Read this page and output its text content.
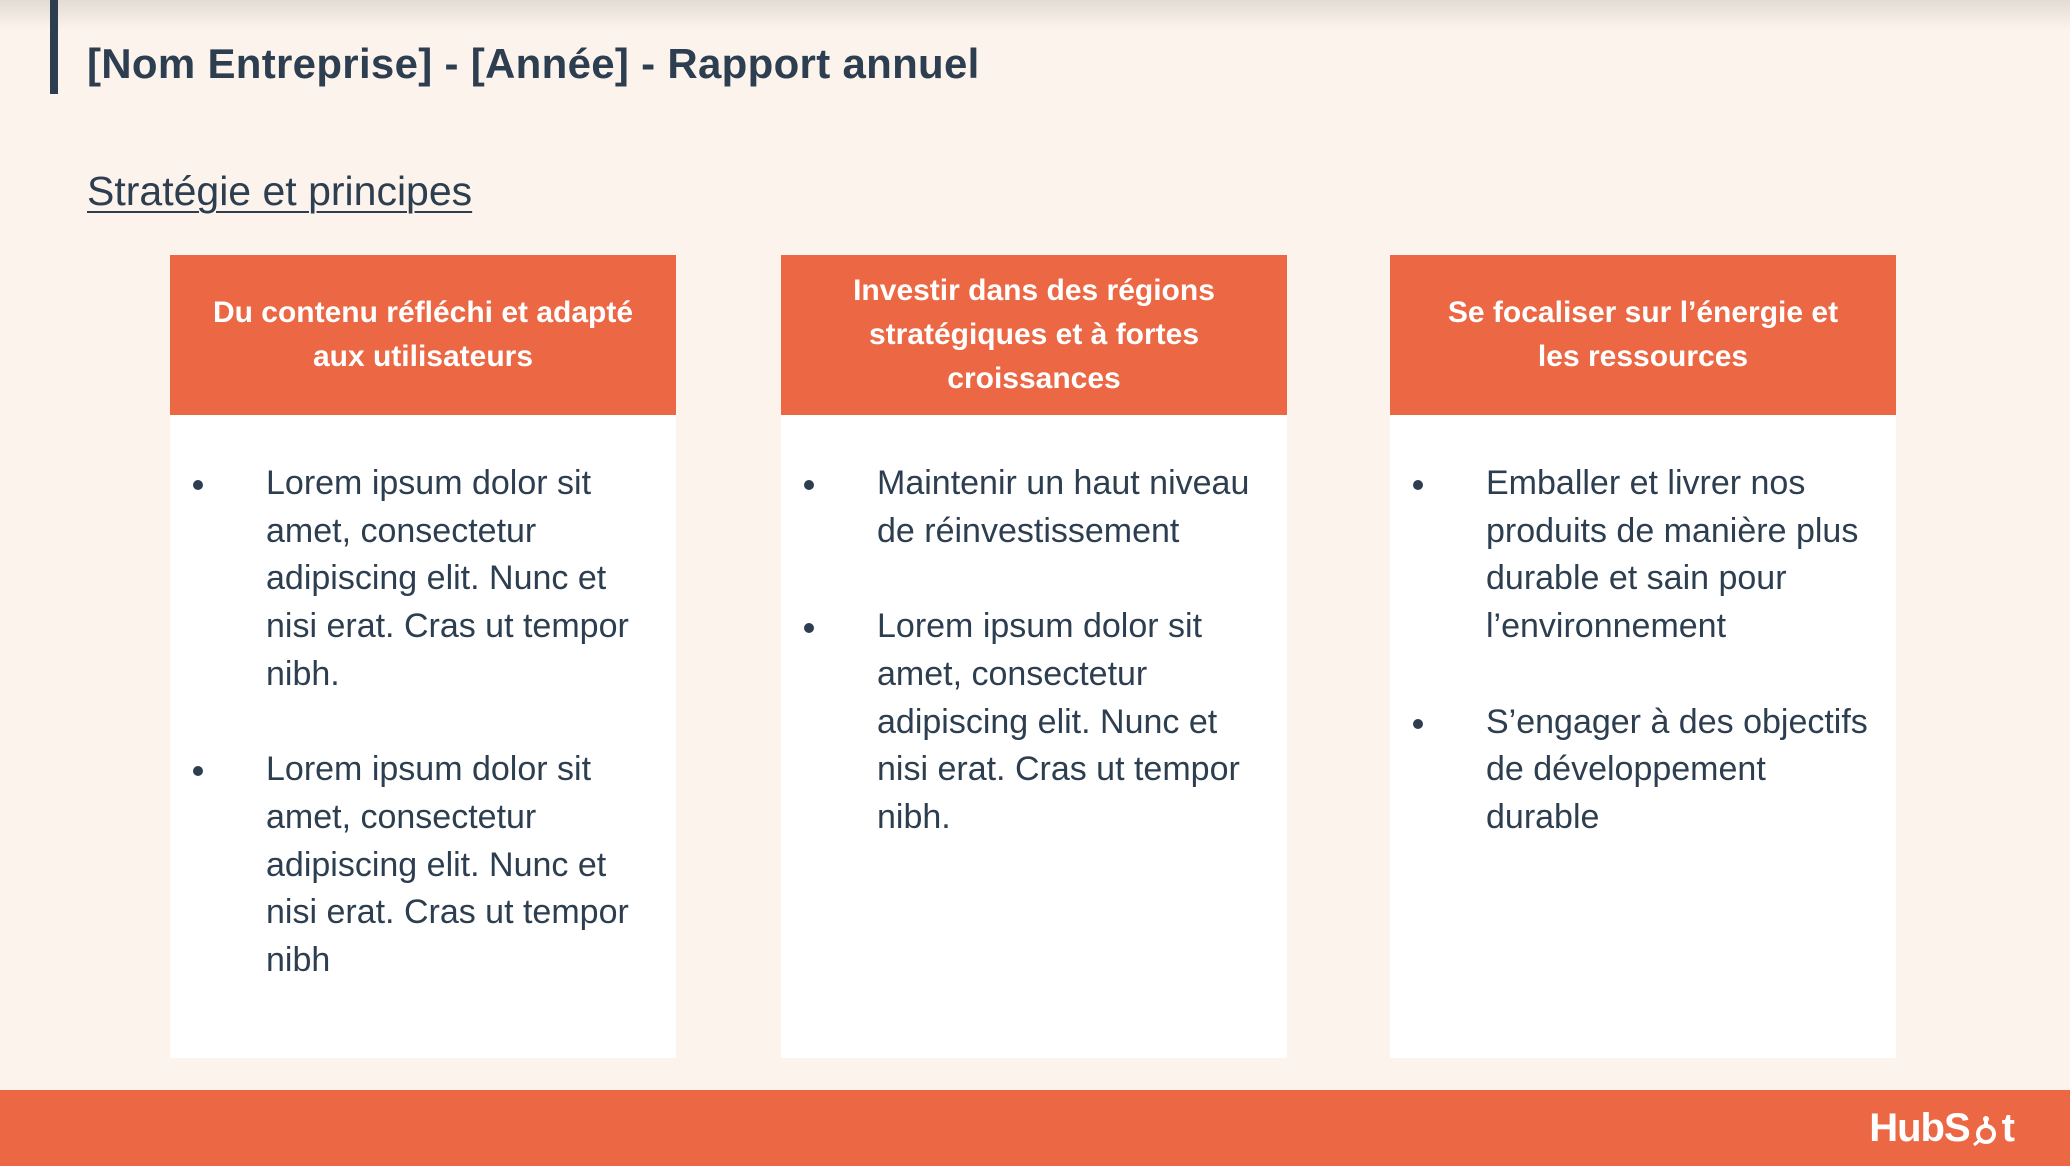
[Nom Entreprise] - [Année] - Rapport annuel
Stratégie et principes
Du contenu réfléchi et adapté aux utilisateurs
Lorem ipsum dolor sit amet, consectetur adipiscing elit. Nunc et nisi erat. Cras ut tempor nibh.
Lorem ipsum dolor sit amet, consectetur adipiscing elit. Nunc et nisi erat. Cras ut tempor nibh
Investir dans des régions stratégiques et à fortes croissances
Maintenir un haut niveau de réinvestissement
Lorem ipsum dolor sit amet, consectetur adipiscing elit. Nunc et nisi erat. Cras ut tempor nibh.
Se focaliser sur l’énergie et les ressources
Emballer et livrer nos produits de manière plus durable et sain pour l’environnement
S’engager à des objectifs de développement durable
HubS t
